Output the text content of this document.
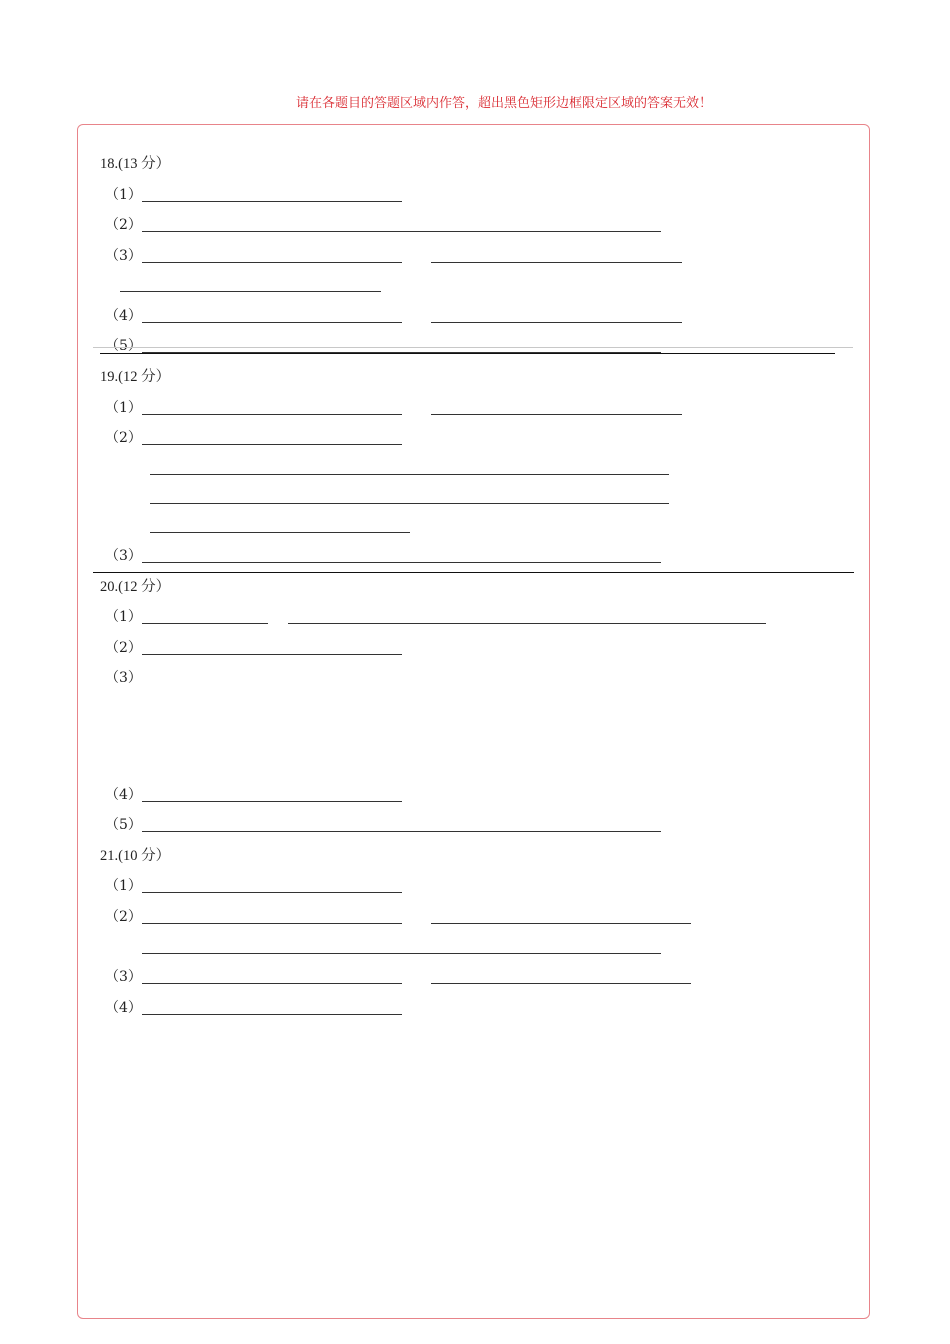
请在各题目的答题区域内作答，超出黑色矩形边框限定区域的答案无效！
18.(13 分）
（1）
（2）
（3）
（4）
（5）
19.(12 分）
（1）
（2）
（3）
20.(12 分）
（1）
（2）
（3）
（4）
（5）
21.(10 分）
（1）
（2）
（3）
（4）
